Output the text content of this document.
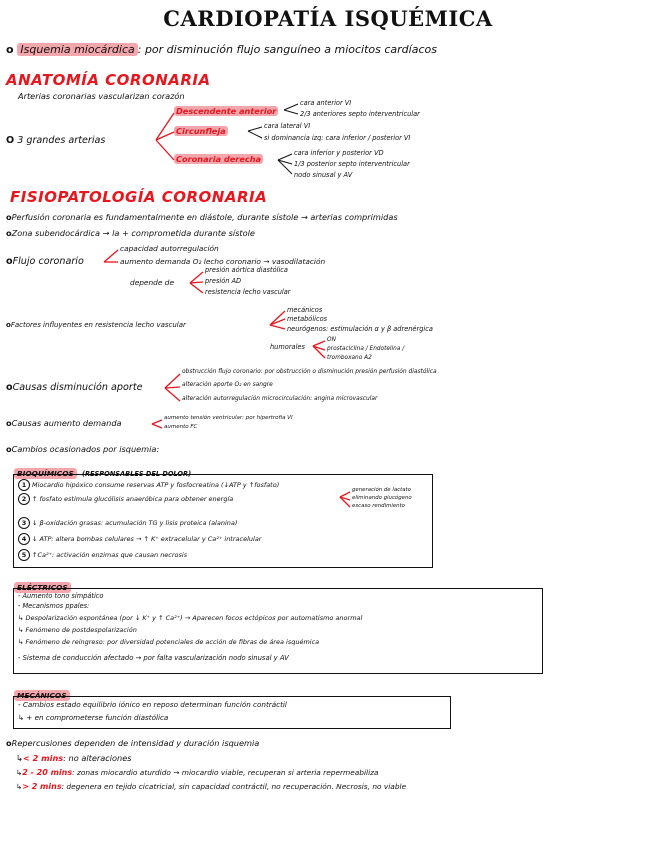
CARDIOPATÍA ISQUÉMICA
o Isquemia miocárdica : por disminución flujo sanguíneo a miocitos cardíacos
ANATOMÍA CORONARIA
Arterias coronarias vascularizan corazón
O 3 grandes arterias
Descendente anterior
cara anterior VI
2/3 anteriores septo interventricular
Circunfleja	cara lateral VI
si dominancia izq: cara inferior / posterior VI
Coronaria derecha
cara inferior y posterior VD
1/3 posterior septo interventricular
nodo sinusal y AV
FISIOPATOLOGÍA CORONARIA
oPerfusión coronaria es fundamentalmente en diástole, durante sístole → arterias comprimidas
oZona subendocárdica → la + comprometida durante sístole
oFlujo coronario
capacidad autorregulación
aumento demanda O₂ lecho coronario → vasodilatación
depende de
presión aórtica diastólica
presión AD
resistencia lecho vascular
oFactores influyentes en resistencia lecho vascular
mecánicos
metabólicos
neurógenos: estimulación α y β adrenérgica
humorales
ON
prostaciclina / Endotelina /
tromboxano A2
oCausas disminución aporte
obstrucción flujo coronario: por obstrucción o disminución presión perfusión diastólica
alteración aporte O₂ en sangre
alteración autorregulación microcirculación: angina microvascular
oCausas aumento demanda	aumento tensión ventricular: por hipertrofia VI
aumento FC
oCambios ocasionados por isquemia:
BIOQUÍMICOS (RESPONSABLES DEL DOLOR)
1 Miocardio hipóxico consume reservas ATP y fosfocreatina (↓ATP y ↑fosfato)
2 ↑ fosfato estimula glucólisis anaeróbica para obtener energía
generación de lactato
eliminando glucógeno
escaso rendimiento
3 ↓ β-oxidación grasas: acumulación TG y lisis proteica (alanina)
4 ↓ ATP: altera bombas celulares → ↑ K⁺ extracelular y Ca²⁺ intracelular
5 ↑Ca²⁺: activación enzimas que causan necrosis
ELÉCTRICOS
- Aumento tono simpático
- Mecanismos ppales:
↳ Despolarización espontánea (por ↓ K⁺ y ↑ Ca²⁺) → Aparecen focos ectópicos por automatismo anormal
↳ Fenómeno de postdespolarización
↳ Fenómeno de reingreso: por diversidad potenciales de acción de fibras de área isquémica
- Sistema de conducción afectado → por falta vascularización nodo sinusal y AV
MECÁNICOS
- Cambios estado equilibrio iónico en reposo determinan función contráctil
↳ + en comprometerse función diastólica
oRepercusiones dependen de intensidad y duración isquemia
↳< 2 mins: no alteraciones
↳2 - 20 mins: zonas miocardio aturdido → miocardio viable, recuperan si arteria repermeabiliza
↳> 2 mins: degenera en tejido cicatricial, sin capacidad contráctil, no recuperación. Necrosis, no viable
